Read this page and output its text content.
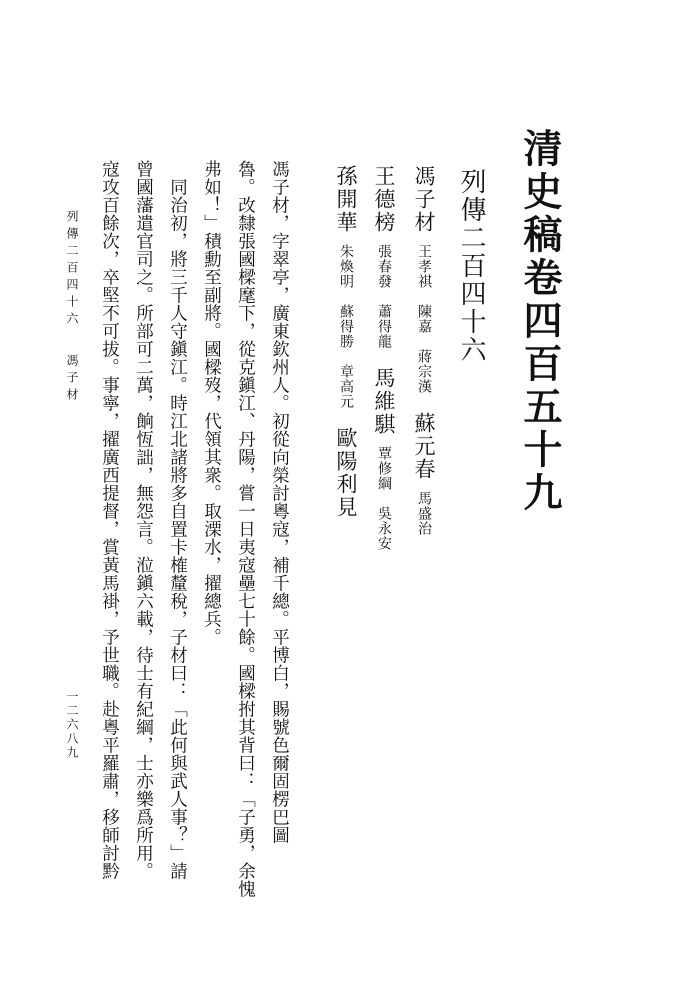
清史稿卷四百五十九
列傳二百四十六
馮子材王孝祺　陳嘉　蔣宗漢蘇元春馬盛治
王德榜張春發　蕭得龍馬維騏覃修綱　吳永安
孫開華朱煥明　蘇得勝　章高元歐陽利見
馮子材，字翠亭，廣東欽州人。初從向榮討粵寇，補千總。平博白，賜號色爾固楞巴圖
魯。改隸張國樑麾下，從克鎭江、丹陽，嘗一日夷寇壘七十餘。國樑拊其背曰：「子勇，余愧
弗如！」積勳至副將。國樑歿，代領其衆。取溧水，擢總兵。
同治初，將三千人守鎭江。時江北諸將多自置卡榷釐稅，子材曰：「此何與武人事？」請
曾國藩遣官司之。所部可二萬，餉恆詘，無怨言。涖鎭六載，待士有紀綱，士亦樂爲所用。
寇攻百餘次，卒堅不可拔。事寧，擢廣西提督，賞黃馬褂，予世職。赴粵平羅肅，移師討黔
列傳二百四十六
馮子材
一二六八九
